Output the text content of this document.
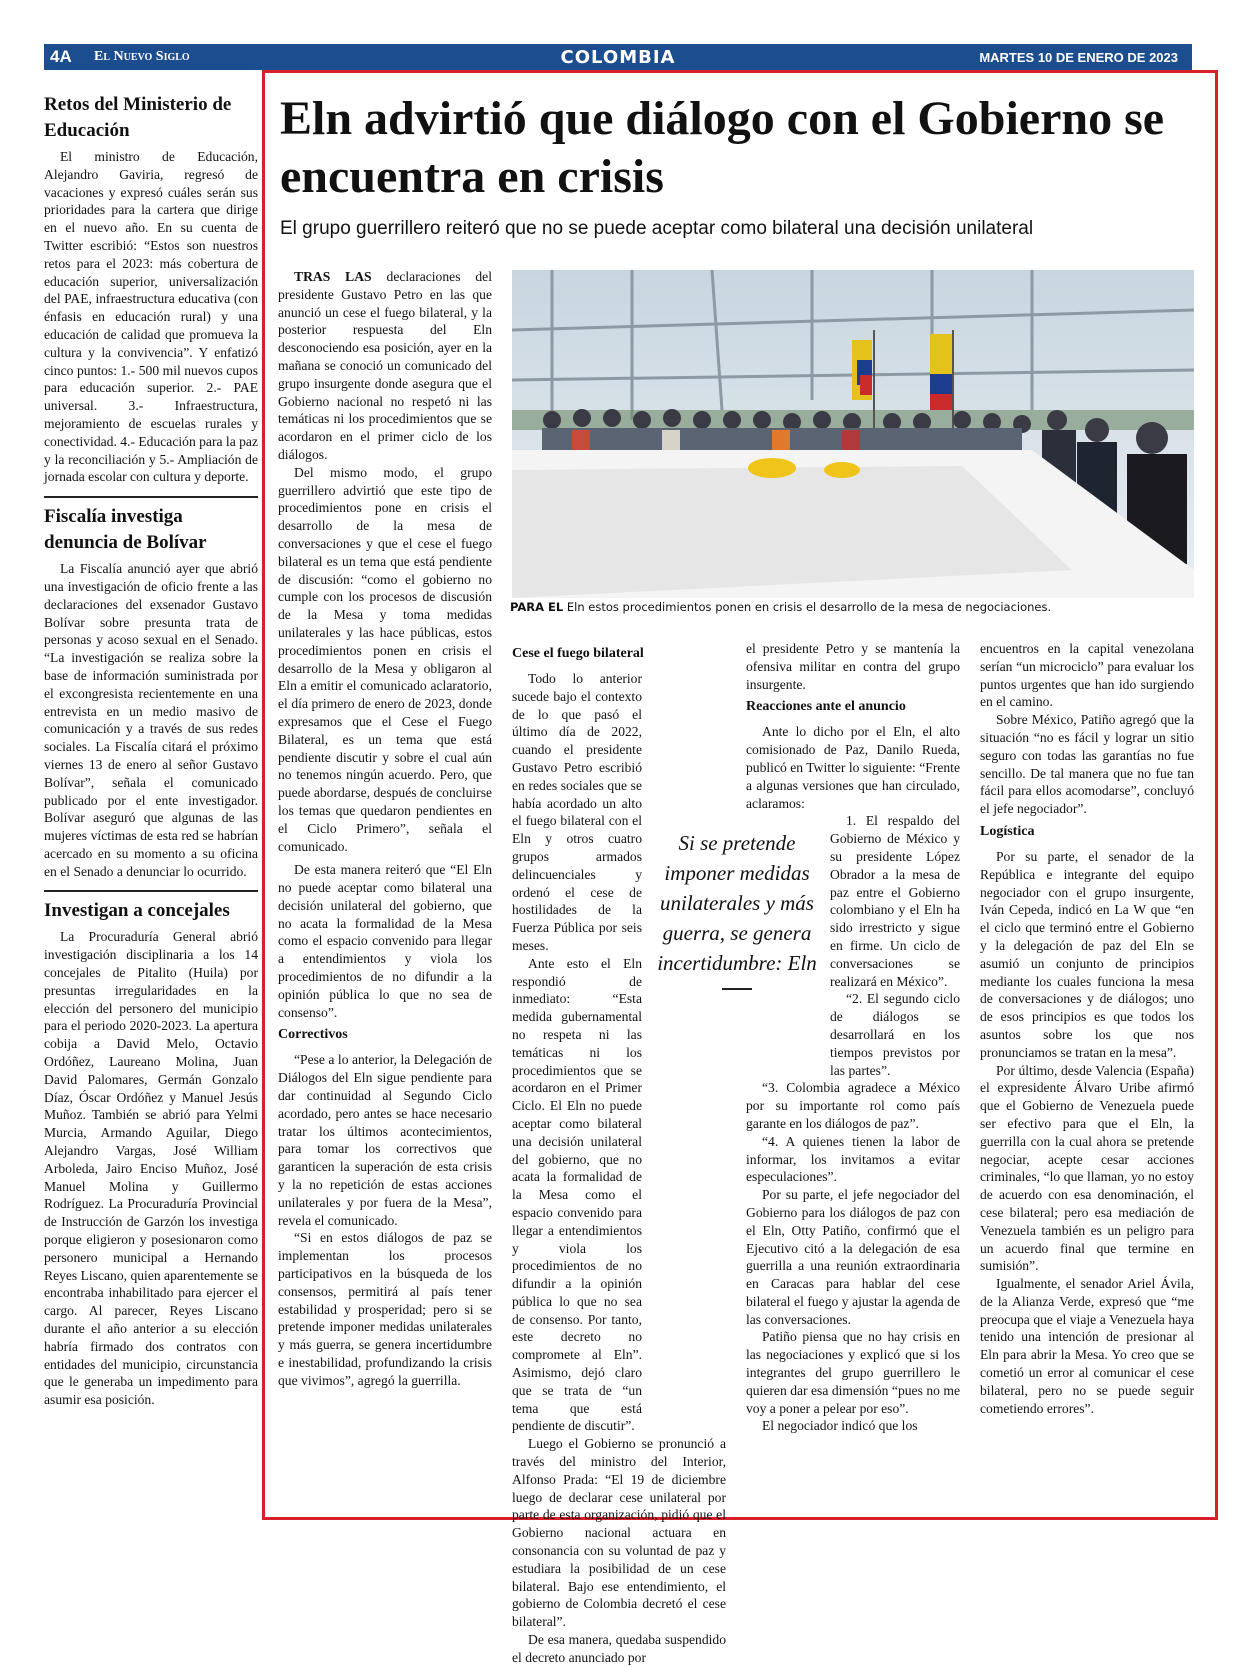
4A El Nuevo Siglo	COLOMBIA	MARTES 10 DE ENERO DE 2023
Retos del Ministerio de Educación

El ministro de Educación, Alejandro Gaviria, regresó de vacaciones y expresó cuáles serán sus prioridades para la cartera que dirige en el nuevo año. En su cuenta de Twitter escribió: “Estos son nuestros retos para el 2023: más cobertura de educación superior, universalización del PAE, infraestructura educativa (con énfasis en educación rural) y una educación de calidad que promueva la cultura y la convivencia”. Y enfatizó cinco puntos: 1.- 500 mil nuevos cupos para educación superior. 2.- PAE universal. 3.- Infraestructura, mejoramiento de escuelas rurales y conectividad. 4.- Educación para la paz y la reconciliación y 5.- Ampliación de jornada escolar con cultura y deporte.

Fiscalía investiga denuncia de Bolívar

La Fiscalía anunció ayer que abrió una investigación de oficio frente a las declaraciones del exsenador Gustavo Bolívar sobre presunta trata de personas y acoso sexual en el Senado. “La investigación se realiza sobre la base de información suministrada por el excongresista recientemente en una entrevista en un medio masivo de comunicación y a través de sus redes sociales. La Fiscalía citará el próximo viernes 13 de enero al señor Gustavo Bolívar”, señala el comunicado publicado por el ente investigador. Bolívar aseguró que algunas de las mujeres víctimas de esta red se habrían acercado en su momento a su oficina en el Senado a denunciar lo ocurrido.

Investigan a concejales

La Procuraduría General abrió investigación disciplinaria a los 14 concejales de Pitalito (Huila) por presuntas irregularidades en la elección del personero del municipio para el periodo 2020-2023. La apertura cobija a David Melo, Octavio Ordóñez, Laureano Molina, Juan David Palomares, Germán Gonzalo Díaz, Óscar Ordóñez y Manuel Jesús Muñoz. También se abrió para Yelmi Murcia, Armando Aguilar, Diego Alejandro Vargas, José William Arboleda, Jairo Enciso Muñoz, José Manuel Molina y Guillermo Rodríguez. La Procuraduría Provincial de Instrucción de Garzón los investiga porque eligieron y posesionaron como personero municipal a Hernando Reyes Liscano, quien aparentemente se encontraba inhabilitado para ejercer el cargo. Al parecer, Reyes Liscano durante el año anterior a su elección habría firmado dos contratos con entidades del municipio, circunstancia que le generaba un impedimento para asumir esa posición.

Eln advirtió que diálogo con el Gobierno se encuentra en crisis

El grupo guerrillero reiteró que no se puede aceptar como bilateral una decisión unilateral

PARA EL Eln estos procedimientos ponen en crisis el desarrollo de la mesa de negociaciones.

TRAS LAS declaraciones del presidente Gustavo Petro en las que anunció un cese el fuego bilateral, y la posterior respuesta del Eln desconociendo esa posición, ayer en la mañana se conoció un comunicado del grupo insurgente donde asegura que el Gobierno nacional no respetó ni las temáticas ni los procedimientos que se acordaron en el primer ciclo de los diálogos.

Del mismo modo, el grupo guerrillero advirtió que este tipo de procedimientos pone en crisis el desarrollo de la mesa de conversaciones y que el cese el fuego bilateral es un tema que está pendiente de discusión: “como el gobierno no cumple con los procesos de discusión de la Mesa y toma medidas unilaterales y las hace públicas, estos procedimientos ponen en crisis el desarrollo de la Mesa y obligaron al Eln a emitir el comunicado aclaratorio, el día primero de enero de 2023, donde expresamos que el Cese el Fuego Bilateral, es un tema que está pendiente discutir y sobre el cual aún no tenemos ningún acuerdo. Pero, que puede abordarse, después de concluirse los temas que quedaron pendientes en el Ciclo Primero”, señala el comunicado.

De esta manera reiteró que “El Eln no puede aceptar como bilateral una decisión unilateral del gobierno, que no acata la formalidad de la Mesa como el espacio convenido para llegar a entendimientos y viola los procedimientos de no difundir a la opinión pública lo que no sea de consenso”.

Correctivos

“Pese a lo anterior, la Delegación de Diálogos del Eln sigue pendiente para dar continuidad al Segundo Ciclo acordado, pero antes se hace necesario tratar los últimos acontecimientos, para tomar los correctivos que garanticen la superación de esta crisis y la no repetición de estas acciones unilaterales y por fuera de la Mesa”, revela el comunicado.

“Si en estos diálogos de paz se implementan los procesos participativos en la búsqueda de los consensos, permitirá al país tener estabilidad y prosperidad; pero si se pretende imponer medidas unilaterales y más guerra, se genera incertidumbre e inestabilidad, profundizando la crisis que vivimos”, agregó la guerrilla.

Cese el fuego bilateral

Todo lo anterior sucede bajo el contexto de lo que pasó el último día de 2022, cuando el presidente Gustavo Petro escribió en redes sociales que se había acordado un alto el fuego bilateral con el Eln y otros cuatro grupos armados delincuenciales y ordenó el cese de hostilidades de la Fuerza Pública por seis meses.

Ante esto el Eln respondió de inmediato: “Esta medida gubernamental no respeta ni las temáticas ni los procedimientos que se acordaron en el Primer Ciclo. El Eln no puede aceptar como bilateral una decisión unilateral del gobierno, que no acata la formalidad de la Mesa como el espacio convenido para llegar a entendimientos y viola los procedimientos de no difundir a la opinión pública lo que no sea de consenso. Por tanto, este decreto no compromete al Eln”. Asimismo, dejó claro que se trata de “un tema que está pendiente de discutir”.

Luego el Gobierno se pronunció a través del ministro del Interior, Alfonso Prada: “El 19 de diciembre luego de declarar cese unilateral por parte de esta organización, pidió que el Gobierno nacional actuara en consonancia con su voluntad de paz y estudiara la posibilidad de un cese bilateral. Bajo ese entendimiento, el gobierno de Colombia decretó el cese bilateral”.

De esa manera, quedaba suspendido el decreto anunciado por

Si se pretende imponer medidas unilaterales y más guerra, se genera incertidumbre: Eln

el presidente Petro y se mantenía la ofensiva militar en contra del grupo insurgente.

Reacciones ante el anuncio

Ante lo dicho por el Eln, el alto comisionado de Paz, Danilo Rueda, publicó en Twitter lo siguiente: “Frente a algunas versiones que han circulado, aclaramos:

1. El respaldo del Gobierno de México y su presidente López Obrador a la mesa de paz entre el Gobierno colombiano y el Eln ha sido irrestricto y sigue en firme. Un ciclo de conversaciones se realizará en México”.

“2. El segundo ciclo de diálogos se desarrollará en los tiempos previstos por las partes”.

“3. Colombia agradece a México por su importante rol como país garante en los diálogos de paz”.

“4. A quienes tienen la labor de informar, los invitamos a evitar especulaciones”.

Por su parte, el jefe negociador del Gobierno para los diálogos de paz con el Eln, Otty Patiño, confirmó que el Ejecutivo citó a la delegación de esa guerrilla a una reunión extraordinaria en Caracas para hablar del cese bilateral el fuego y ajustar la agenda de las conversaciones.

Patiño piensa que no hay crisis en las negociaciones y explicó que si los integrantes del grupo guerrillero le quieren dar esa dimensión “pues no me voy a poner a pelear por eso”.

El negociador indicó que los

encuentros en la capital venezolana serían “un microciclo” para evaluar los puntos urgentes que han ido surgiendo en el camino.

Sobre México, Patiño agregó que la situación “no es fácil y lograr un sitio seguro con todas las garantías no fue sencillo. De tal manera que no fue tan fácil para ellos acomodarse”, concluyó el jefe negociador”.

Logística

Por su parte, el senador de la República e integrante del equipo negociador con el grupo insurgente, Iván Cepeda, indicó en La W que “en el ciclo que terminó entre el Gobierno y la delegación de paz del Eln se asumió un conjunto de principios mediante los cuales funciona la mesa de conversaciones y de diálogos; uno de esos principios es que todos los asuntos sobre los que nos pronunciamos se tratan en la mesa”.

Por último, desde Valencia (España) el expresidente Álvaro Uribe afirmó que el Gobierno de Venezuela puede ser efectivo para que el Eln, la guerrilla con la cual ahora se pretende negociar, acepte cesar acciones criminales, “lo que llaman, yo no estoy de acuerdo con esa denominación, el cese bilateral; pero esa mediación de Venezuela también es un peligro para un acuerdo final que termine en sumisión”.

Igualmente, el senador Ariel Ávila, de la Alianza Verde, expresó que “me preocupa que el viaje a Venezuela haya tenido una intención de presionar al Eln para abrir la Mesa. Yo creo que se cometió un error al comunicar el cese bilateral, pero no se puede seguir cometiendo errores”.
